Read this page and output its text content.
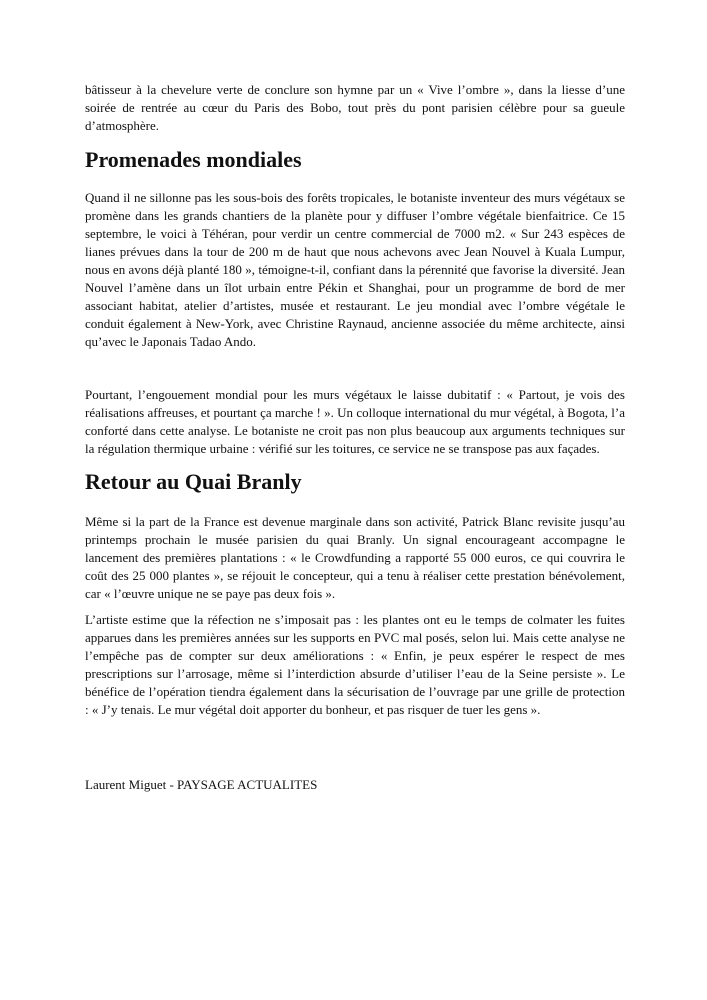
bâtisseur à la chevelure verte de conclure son hymne par un « Vive l’ombre », dans la liesse d’une soirée de rentrée au cœur du Paris des Bobo, tout près du pont parisien célèbre pour sa gueule d’atmosphère.

Promenades mondiales

Quand il ne sillonne pas les sous-bois des forêts tropicales, le botaniste inventeur des murs végétaux se promène dans les grands chantiers de la planète pour y diffuser l’ombre végétale bienfaitrice. Ce 15 septembre, le voici à Téhéran, pour verdir un centre commercial de 7000 m2. « Sur 243 espèces de lianes prévues dans la tour de 200 m de haut que nous achevons avec Jean Nouvel à Kuala Lumpur, nous en avons déjà planté 180 », témoigne-t-il, confiant dans la pérennité que favorise la diversité. Jean Nouvel l’amène dans un îlot urbain entre Pékin et Shanghai, pour un programme de bord de mer associant habitat, atelier d’artistes, musée et restaurant. Le jeu mondial avec l’ombre végétale le conduit également à New-York, avec Christine Raynaud, ancienne associée du même architecte, ainsi qu’avec le Japonais Tadao Ando.

Pourtant, l’engouement mondial pour les murs végétaux le laisse dubitatif : « Partout, je vois des réalisations affreuses, et pourtant ça marche ! ». Un colloque international du mur végétal, à Bogota, l’a conforté dans cette analyse. Le botaniste ne croit pas non plus beaucoup aux arguments techniques sur la régulation thermique urbaine : vérifié sur les toitures, ce service ne se transpose pas aux façades.

Retour au Quai Branly

Même si la part de la France est devenue marginale dans son activité, Patrick Blanc revisite jusqu’au printemps prochain le musée parisien du quai Branly. Un signal encourageant accompagne le lancement des premières plantations : « le Crowdfunding a rapporté 55 000 euros, ce qui couvrira le coût des 25 000 plantes », se réjouit le concepteur, qui a tenu à réaliser cette prestation bénévolement, car « l’œuvre unique ne se paye pas deux fois ».

L’artiste estime que la réfection ne s’imposait pas : les plantes ont eu le temps de colmater les fuites apparues dans les premières années sur les supports en PVC mal posés, selon lui. Mais cette analyse ne l’empêche pas de compter sur deux améliorations : « Enfin, je peux espérer le respect de mes prescriptions sur l’arrosage, même si l’interdiction absurde d’utiliser l’eau de la Seine persiste ». Le bénéfice de l’opération tiendra également dans la sécurisation de l’ouvrage par une grille de protection : « J’y tenais. Le mur végétal doit apporter du bonheur, et pas risquer de tuer les gens ».

Laurent Miguet - PAYSAGE ACTUALITES
